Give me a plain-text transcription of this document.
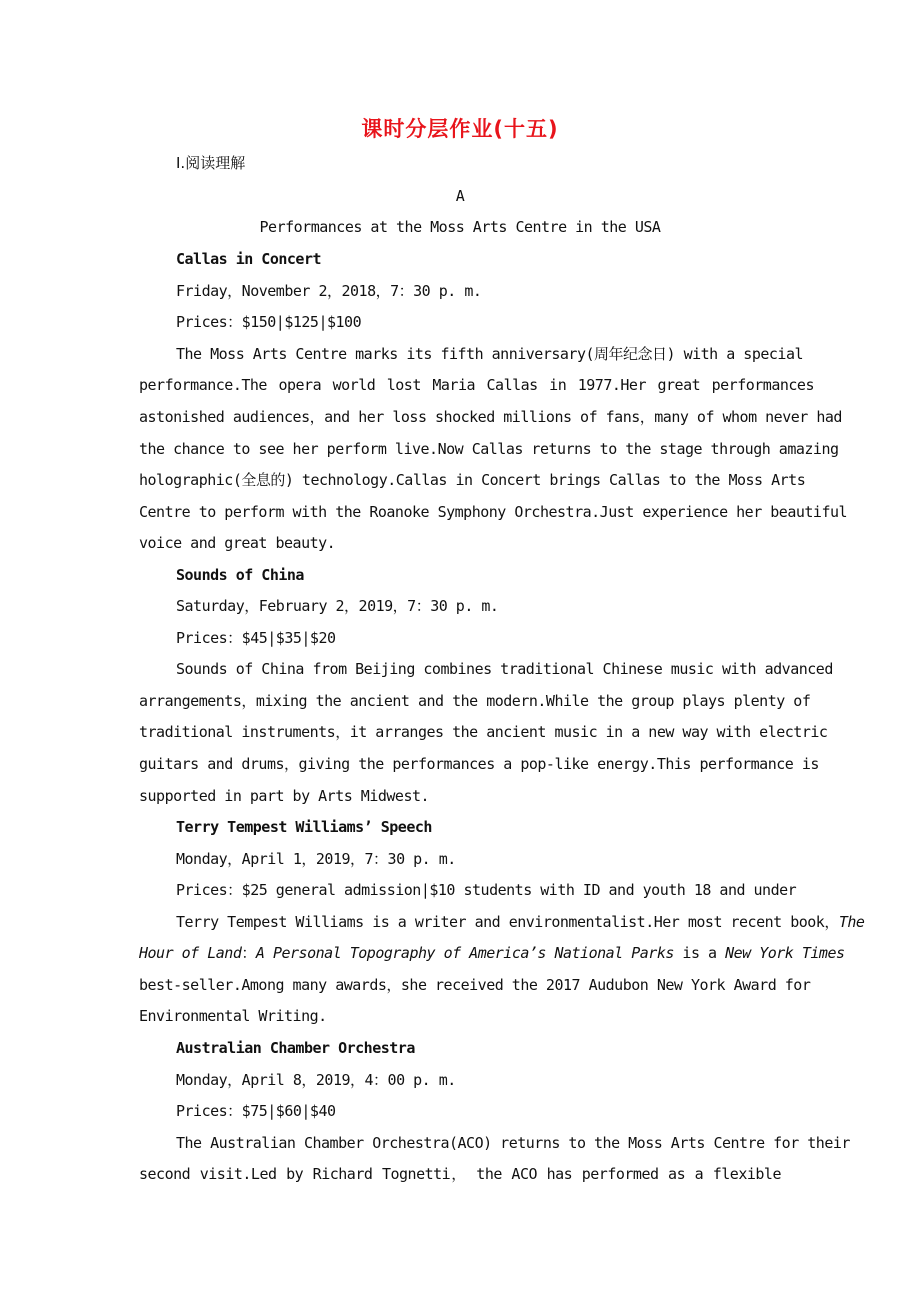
课时分层作业(十五)
Ⅰ.阅读理解
A
Performances at the Moss Arts Centre in the USA
Callas in Concert
Friday，November 2，2018，7：30 p. m.
Prices：$150|$125|$100
The Moss Arts Centre marks its fifth anniversary(周年纪念日) with a special
performance.The opera world lost Maria Callas in 1977.Her great performances
astonished audiences，and her loss shocked millions of fans，many of whom never had
the chance to see her perform live.Now Callas returns to the stage through amazing
holographic(全息的) technology.Callas in Concert brings Callas to the Moss Arts
Centre to perform with the Roanoke Symphony Orchestra.Just experience her beautiful
voice and great beauty.
Sounds of China
Saturday，February 2，2019，7：30 p. m.
Prices：$45|$35|$20
Sounds of China from Beijing combines traditional Chinese music with advanced
arrangements，mixing the ancient and the modern.While the group plays plenty of
traditional instruments，it arranges the ancient music in a new way with electric
guitars and drums，giving the performances a pop-like energy.This performance is
supported in part by Arts Midwest.
Terry Tempest Williams’ Speech
Monday，April 1，2019，7：30 p. m.
Prices：$25 general admission|$10 students with ID and youth 18 and under
Terry Tempest Williams is a writer and environmentalist.Her most recent book，The
Hour of Land：A Personal Topography of America’s National Parks is a New York Times
best-seller.Among many awards，she received the 2017 Audubon New York Award for
Environmental Writing.
Australian Chamber Orchestra
Monday，April 8，2019，4：00 p. m.
Prices：$75|$60|$40
The Australian Chamber Orchestra(ACO) returns to the Moss Arts Centre for their
second visit.Led by Richard Tognetti， the ACO has performed as a flexible
